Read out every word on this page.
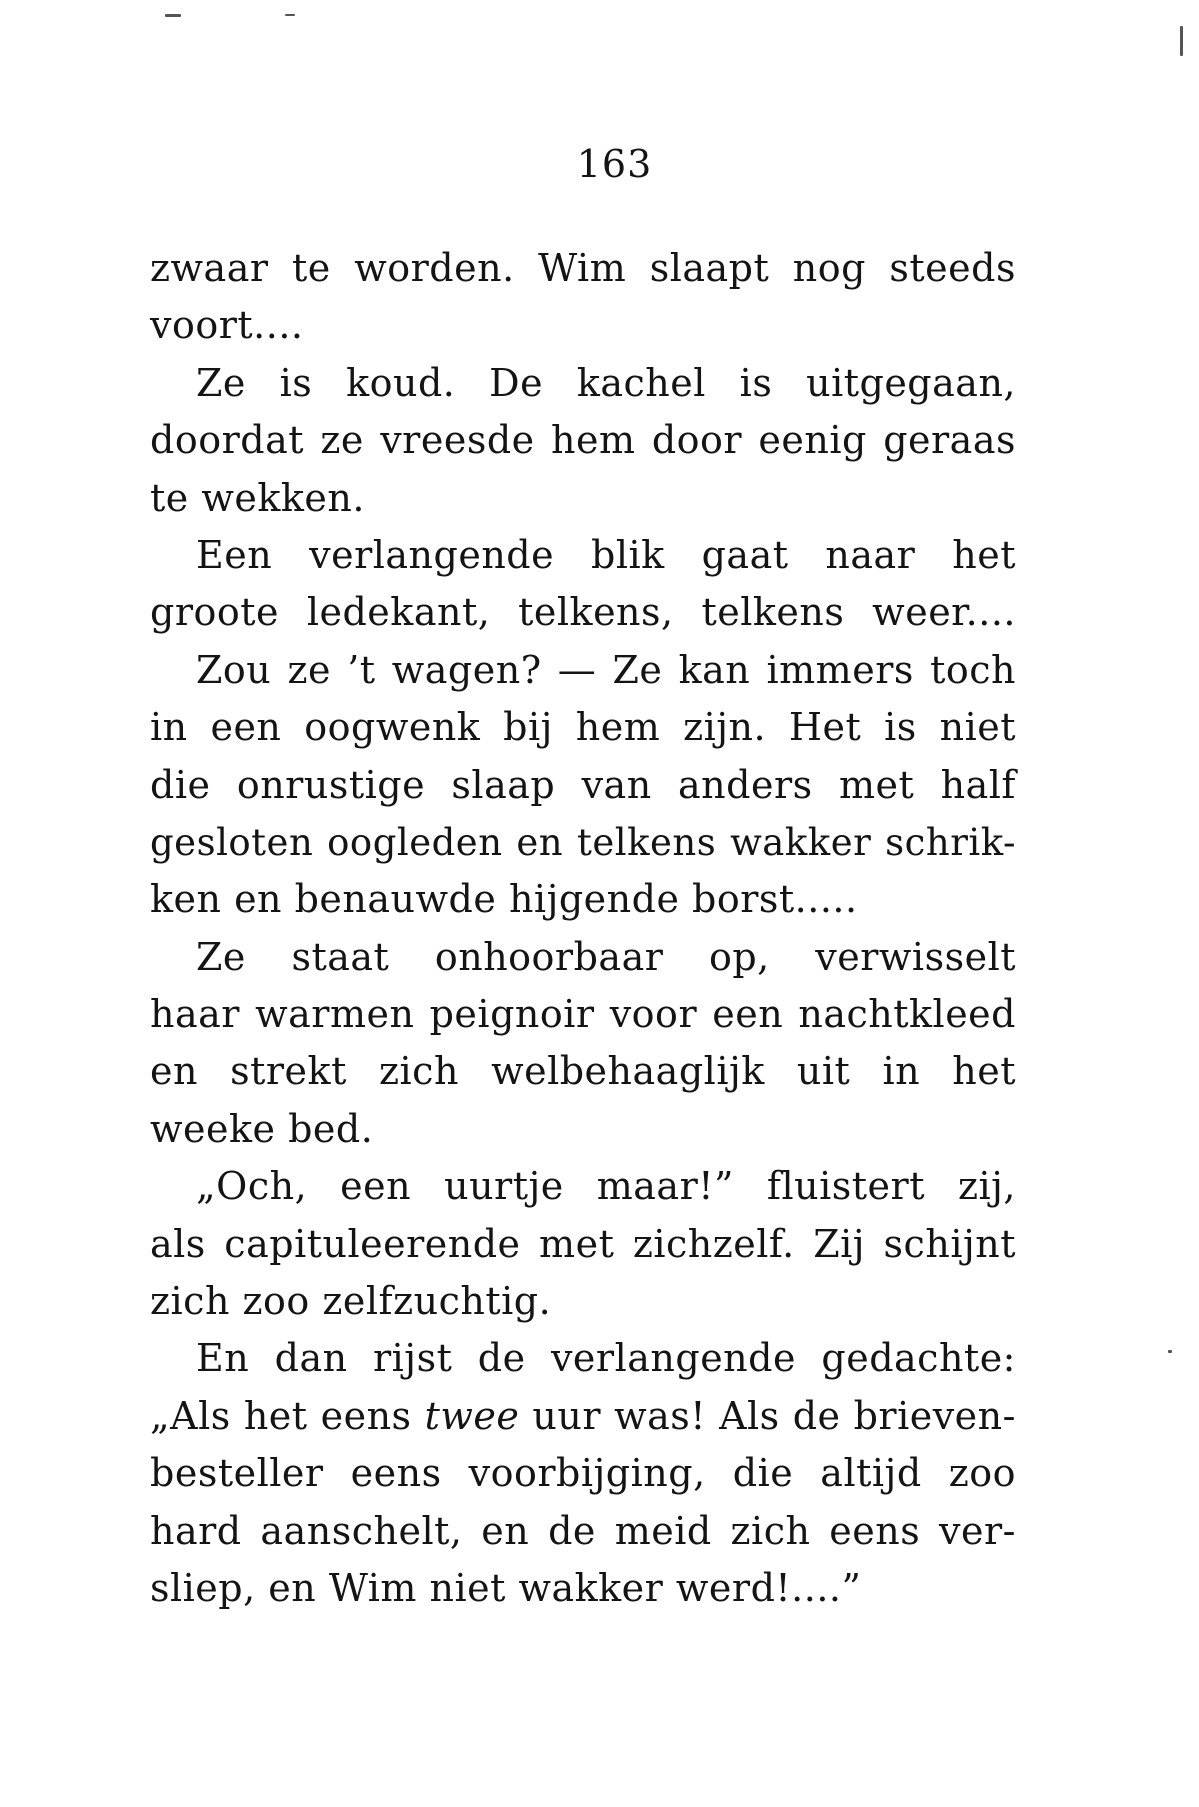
163
zwaar te worden. Wim slaapt nog steeds
voort....
Ze is koud. De kachel is uitgegaan,
doordat ze vreesde hem door eenig geraas
te wekken.
Een verlangende blik gaat naar het
groote ledekant, telkens, telkens weer....
Zou ze ’t wagen? — Ze kan immers toch
in een oogwenk bij hem zijn. Het is niet
die onrustige slaap van anders met half
gesloten oogleden en telkens wakker schrik-
ken en benauwde hijgende borst.....
Ze staat onhoorbaar op, verwisselt
haar warmen peignoir voor een nachtkleed
en strekt zich welbehaaglijk uit in het
weeke bed.
„Och, een uurtje maar!” fluistert zij,
als capituleerende met zichzelf. Zij schijnt
zich zoo zelfzuchtig.
En dan rijst de verlangende gedachte:
„Als het eens twee uur was! Als de brieven-
besteller eens voorbijging, die altijd zoo
hard aanschelt, en de meid zich eens ver-
sliep, en Wim niet wakker werd!....”
